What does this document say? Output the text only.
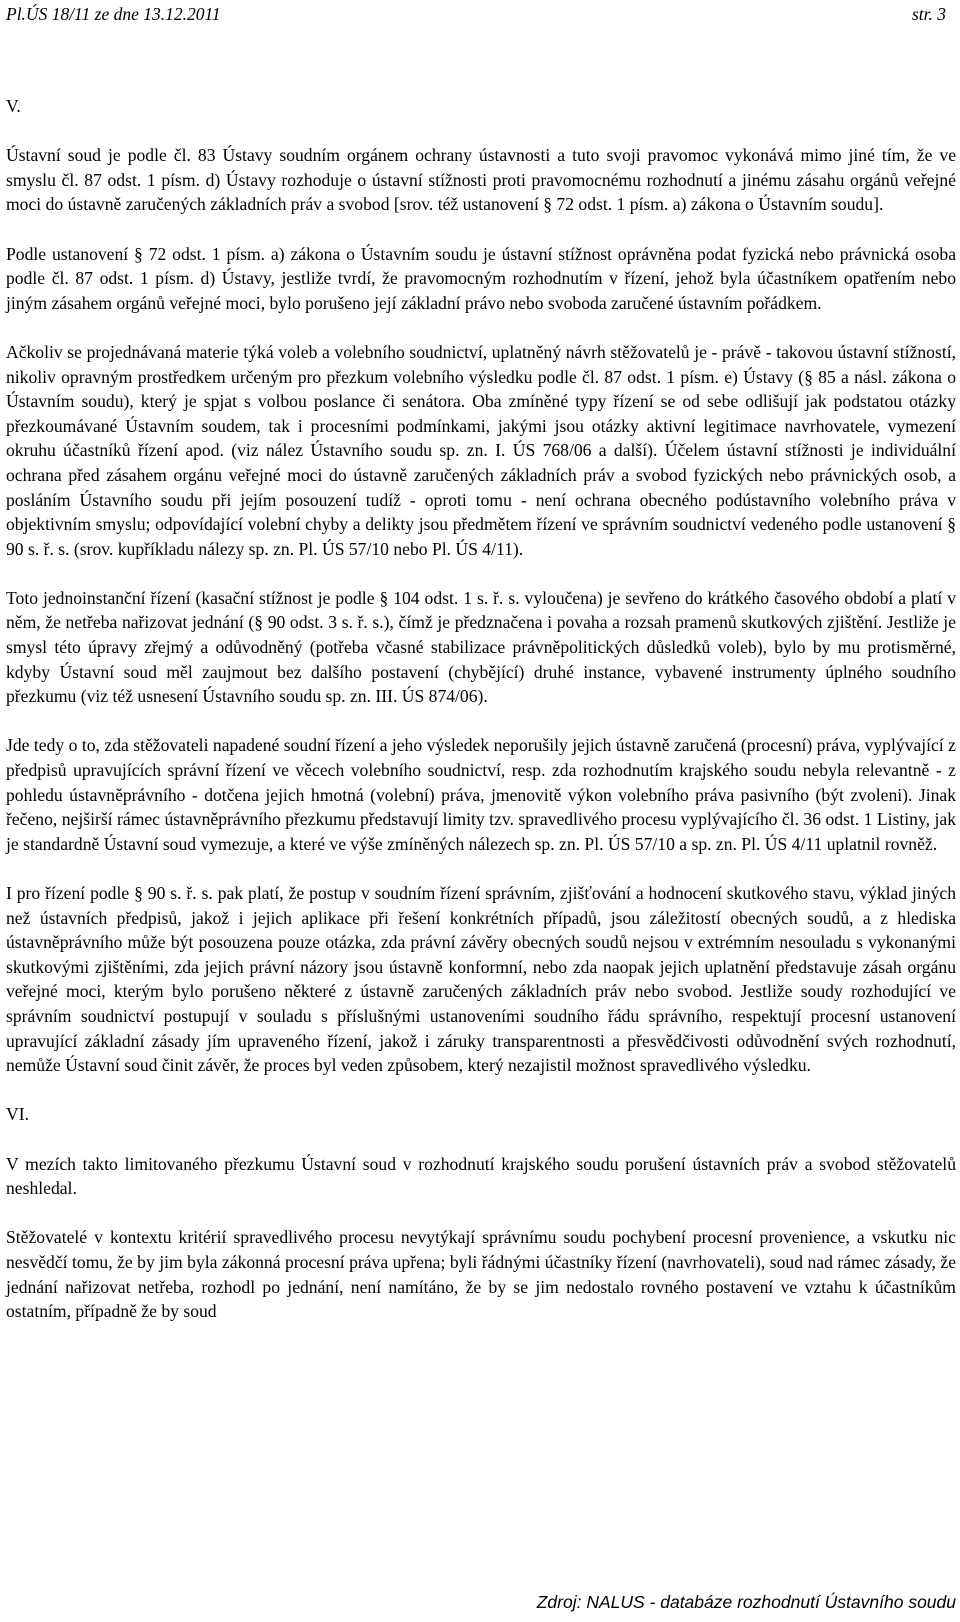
Pl.ÚS 18/11 ze dne 13.12.2011	str. 3

V.

Ústavní soud je podle čl. 83 Ústavy soudním orgánem ochrany ústavnosti a tuto svoji pravomoc vykonává mimo jiné tím, že ve smyslu čl. 87 odst. 1 písm. d) Ústavy rozhoduje o ústavní stížnosti proti pravomocnému rozhodnutí a jinému zásahu orgánů veřejné moci do ústavně zaručených základních práv a svobod [srov. též ustanovení § 72 odst. 1 písm. a) zákona o Ústavním soudu].

Podle ustanovení § 72 odst. 1 písm. a) zákona o Ústavním soudu je ústavní stížnost oprávněna podat fyzická nebo právnická osoba podle čl. 87 odst. 1 písm. d) Ústavy, jestliže tvrdí, že pravomocným rozhodnutím v řízení, jehož byla účastníkem opatřením nebo jiným zásahem orgánů veřejné moci, bylo porušeno její základní právo nebo svoboda zaručené ústavním pořádkem.

Ačkoliv se projednávaná materie týká voleb a volebního soudnictví, uplatněný návrh stěžovatelů je - právě - takovou ústavní stížností, nikoliv opravným prostředkem určeným pro přezkum volebního výsledku podle čl. 87 odst. 1 písm. e) Ústavy (§ 85 a násl. zákona o Ústavním soudu), který je spjat s volbou poslance či senátora. Oba zmíněné typy řízení se od sebe odlišují jak podstatou otázky přezkoumávané Ústavním soudem, tak i procesními podmínkami, jakými jsou otázky aktivní legitimace navrhovatele, vymezení okruhu účastníků řízení apod. (viz nález Ústavního soudu sp. zn. I. ÚS 768/06 a další). Účelem ústavní stížnosti je individuální ochrana před zásahem orgánu veřejné moci do ústavně zaručených základních práv a svobod fyzických nebo právnických osob, a posláním Ústavního soudu při jejím posouzení tudíž - oproti tomu - není ochrana obecného podústavního volebního práva v objektivním smyslu; odpovídající volební chyby a delikty jsou předmětem řízení ve správním soudnictví vedeného podle ustanovení § 90 s. ř. s. (srov. kupříkladu nálezy sp. zn. Pl. ÚS 57/10 nebo Pl. ÚS 4/11).

Toto jednoinstanční řízení (kasační stížnost je podle § 104 odst. 1 s. ř. s. vyloučena) je sevřeno do krátkého časového období a platí v něm, že netřeba nařizovat jednání (§ 90 odst. 3 s. ř. s.), čímž je předznačena i povaha a rozsah pramenů skutkových zjištění. Jestliže je smysl této úpravy zřejmý a odůvodněný (potřeba včasné stabilizace právněpolitických důsledků voleb), bylo by mu protisměrné, kdyby Ústavní soud měl zaujmout bez dalšího postavení (chybějící) druhé instance, vybavené instrumenty úplného soudního přezkumu (viz též usnesení Ústavního soudu sp. zn. III. ÚS 874/06).

Jde tedy o to, zda stěžovateli napadené soudní řízení a jeho výsledek neporušily jejich ústavně zaručená (procesní) práva, vyplývající z předpisů upravujících správní řízení ve věcech volebního soudnictví, resp. zda rozhodnutím krajského soudu nebyla relevantně - z pohledu ústavněprávního - dotčena jejich hmotná (volební) práva, jmenovitě výkon volebního práva pasivního (být zvoleni). Jinak řečeno, nejširší rámec ústavněprávního přezkumu představují limity tzv. spravedlivého procesu vyplývajícího čl. 36 odst. 1 Listiny, jak je standardně Ústavní soud vymezuje, a které ve výše zmíněných nálezech sp. zn. Pl. ÚS 57/10 a sp. zn. Pl. ÚS 4/11 uplatnil rovněž.

I pro řízení podle § 90 s. ř. s. pak platí, že postup v soudním řízení správním, zjišťování a hodnocení skutkového stavu, výklad jiných než ústavních předpisů, jakož i jejich aplikace při řešení konkrétních případů, jsou záležitostí obecných soudů, a z hlediska ústavněprávního může být posouzena pouze otázka, zda právní závěry obecných soudů nejsou v extrémním nesouladu s vykonanými skutkovými zjištěními, zda jejich právní názory jsou ústavně konformní, nebo zda naopak jejich uplatnění představuje zásah orgánu veřejné moci, kterým bylo porušeno některé z ústavně zaručených základních práv nebo svobod. Jestliže soudy rozhodující ve správním soudnictví postupují v souladu s příslušnými ustanoveními soudního řádu správního, respektují procesní ustanovení upravující základní zásady jím upraveného řízení, jakož i záruky transparentnosti a přesvědčivosti odůvodnění svých rozhodnutí, nemůže Ústavní soud činit závěr, že proces byl veden způsobem, který nezajistil možnost spravedlivého výsledku.

VI.

V mezích takto limitovaného přezkumu Ústavní soud v rozhodnutí krajského soudu porušení ústavních práv a svobod stěžovatelů neshledal.

Stěžovatelé v kontextu kritérií spravedlivého procesu nevytýkají správnímu soudu pochybení procesní provenience, a vskutku nic nesvědčí tomu, že by jim byla zákonná procesní práva upřena; byli řádnými účastníky řízení (navrhovateli), soud nad rámec zásady, že jednání nařizovat netřeba, rozhodl po jednání, není namítáno, že by se jim nedostalo rovného postavení ve vztahu k účastníkům ostatním, případně že by soud

Zdroj: NALUS - databáze rozhodnutí Ústavního soudu
